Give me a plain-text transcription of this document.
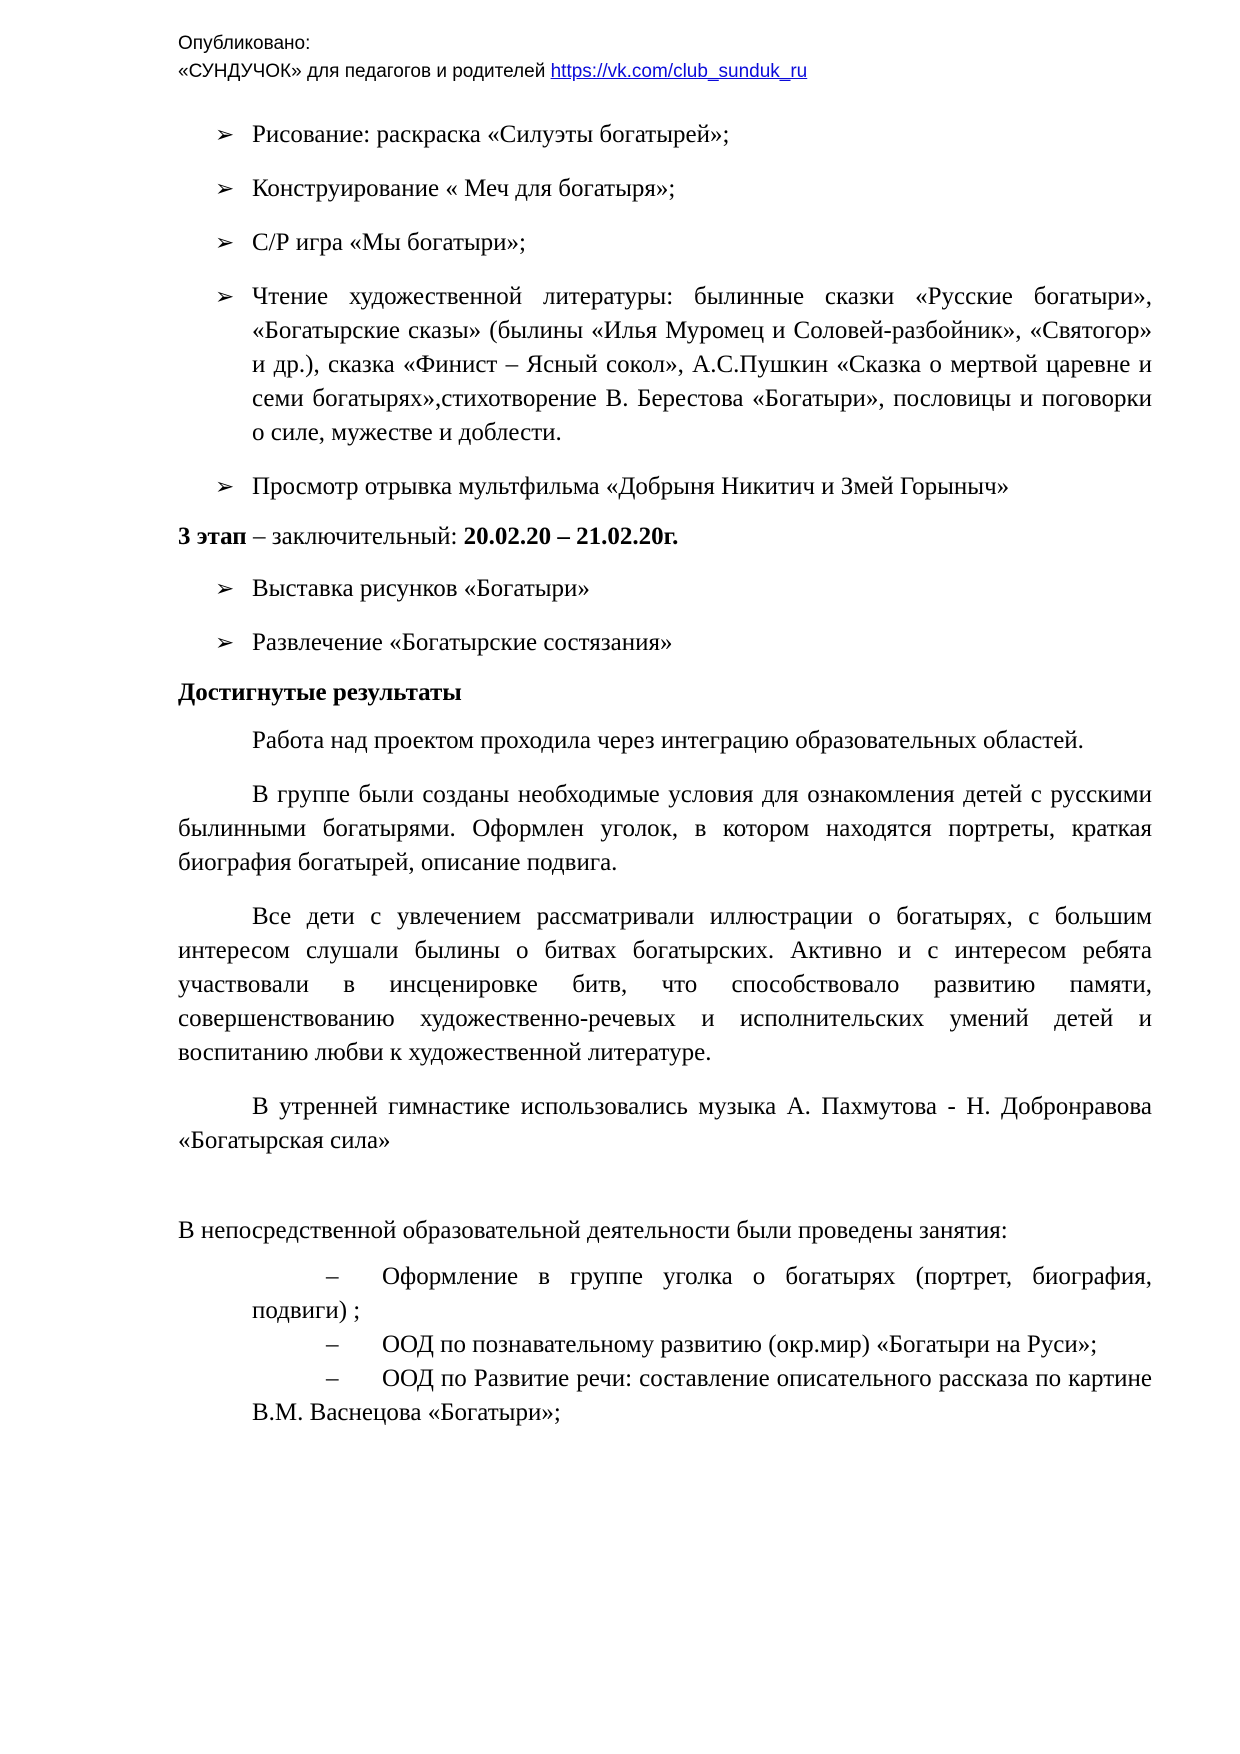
Опубликовано:
«СУНДУЧОК» для педагогов и родителей https://vk.com/club_sunduk_ru
➢ Рисование: раскраска «Силуэты богатырей»;
➢ Конструирование « Меч для богатыря»;
➢ С/Р игра «Мы богатыри»;
➢ Чтение художественной литературы: былинные сказки «Русские богатыри», «Богатырские сказы» (былины «Илья Муромец и Соловей-разбойник», «Святогор» и др.), сказка «Финист – Ясный сокол», А.С.Пушкин «Сказка о мертвой царевне и семи богатырях»,стихотворение В. Берестова «Богатыри», пословицы и поговорки о силе, мужестве и доблести.
➢ Просмотр отрывка мультфильма «Добрыня Никитич и Змей Горыныч»
3 этап – заключительный: 20.02.20 – 21.02.20г.
➢ Выставка рисунков «Богатыри»
➢ Развлечение «Богатырские состязания»
Достигнутые результаты

Работа над проектом проходила через интеграцию образовательных областей.

В группе были созданы необходимые условия для ознакомления детей с русскими былинными богатырями. Оформлен уголок, в котором находятся портреты, краткая биография богатырей, описание подвига.

Все дети с увлечением рассматривали иллюстрации о богатырях, с большим интересом слушали былины о битвах богатырских. Активно и с интересом ребята участвовали в инсценировке битв, что способствовало развитию памяти, совершенствованию художественно-речевых и исполнительских умений детей и воспитанию любви к художественной литературе.

В утренней гимнастике использовались музыка А. Пахмутова - Н. Добронравова «Богатырская сила»

В непосредственной образовательной деятельности были проведены занятия:

– Оформление в группе уголка о богатырях (портрет, биография, подвиги) ;
– ООД по познавательному развитию (окр.мир) «Богатыри на Руси»;
– ООД по Развитие речи: составление описательного рассказа по картине В.М. Васнецова «Богатыри»;
